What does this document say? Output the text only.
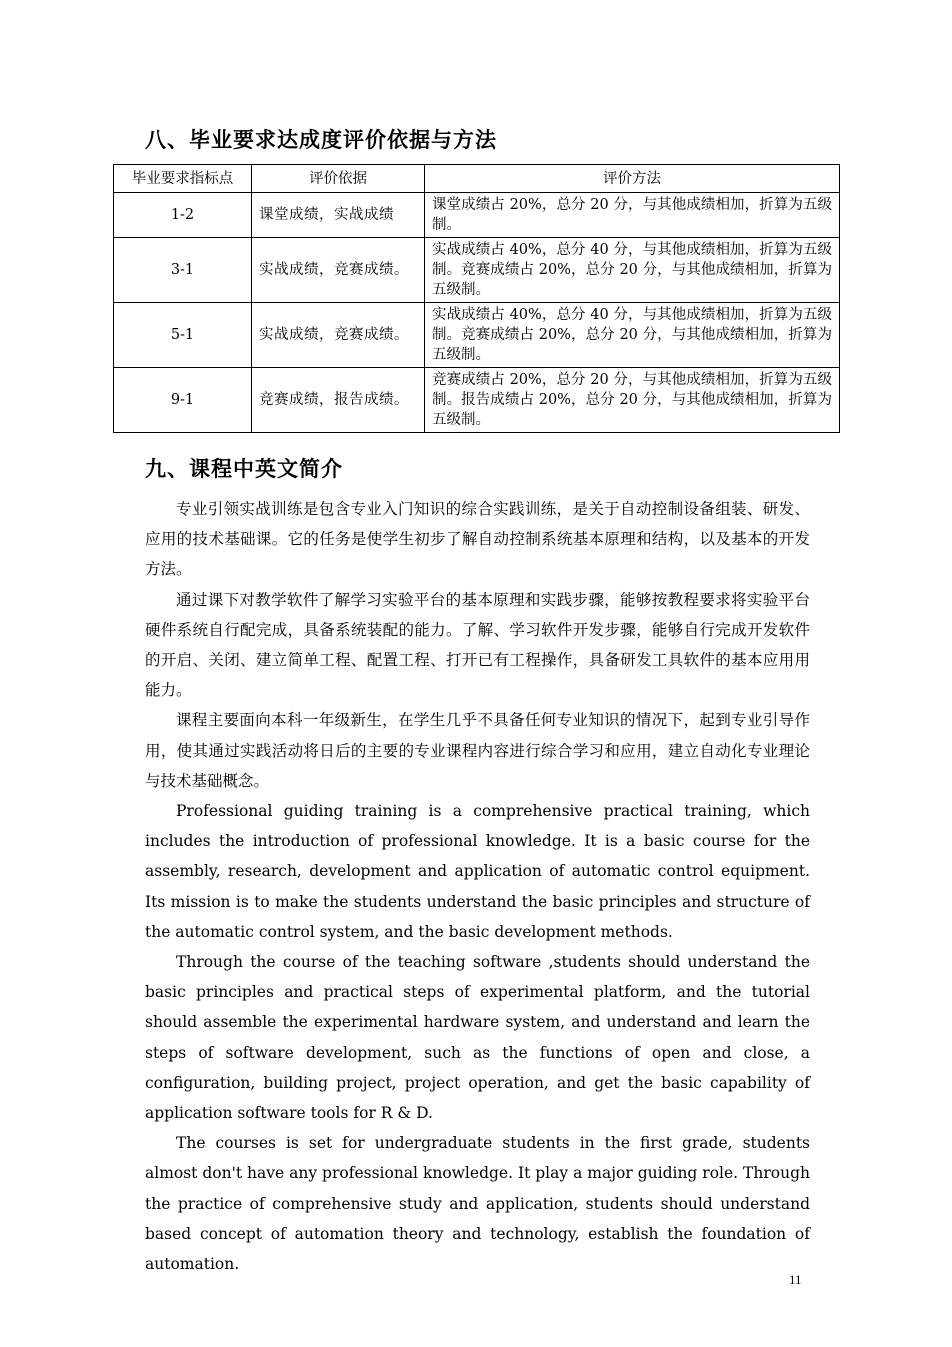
八、毕业要求达成度评价依据与方法
毕业要求指标点	评价依据	评价方法
1-2	课堂成绩，实战成绩	课堂成绩占 20%，总分 20 分，与其他成绩相加，折算为五级制。
3-1	实战成绩，竞赛成绩。	实战成绩占 40%，总分 40 分，与其他成绩相加，折算为五级制。竞赛成绩占 20%，总分 20 分，与其他成绩相加，折算为五级制。
5-1	实战成绩，竞赛成绩。	实战成绩占 40%，总分 40 分，与其他成绩相加，折算为五级制。竞赛成绩占 20%，总分 20 分，与其他成绩相加，折算为五级制。
9-1	竞赛成绩，报告成绩。	竞赛成绩占 20%，总分 20 分，与其他成绩相加，折算为五级制。报告成绩占 20%，总分 20 分，与其他成绩相加，折算为五级制。
九、课程中英文简介

专业引领实战训练是包含专业入门知识的综合实践训练，是关于自动控制设备组装、研发、应用的技术基础课。它的任务是使学生初步了解自动控制系统基本原理和结构，以及基本的开发方法。

通过课下对教学软件了解学习实验平台的基本原理和实践步骤，能够按教程要求将实验平台硬件系统自行配完成，具备系统装配的能力。了解、学习软件开发步骤，能够自行完成开发软件的开启、关闭、建立简单工程、配置工程、打开已有工程操作，具备研发工具软件的基本应用用能力。

课程主要面向本科一年级新生，在学生几乎不具备任何专业知识的情况下，起到专业引导作用，使其通过实践活动将日后的主要的专业课程内容进行综合学习和应用，建立自动化专业理论与技术基础概念。

Professional guiding training is a comprehensive practical training, which includes the introduction of professional knowledge. It is a basic course for the assembly, research, development and application of automatic control equipment. Its mission is to make the students understand the basic principles and structure of the automatic control system, and the basic development methods.

Through the course of the teaching software ,students should understand the basic principles and practical steps of experimental platform, and the tutorial should assemble the experimental hardware system, and understand and learn the steps of software development, such as the functions of open and close, a configuration, building project, project operation, and get the basic capability of application software tools for R & D.

The courses is set for undergraduate students in the first grade, students almost don't have any professional knowledge. It play a major guiding role. Through the practice of comprehensive study and application, students should understand based concept of automation theory and technology, establish the foundation of automation.

11
